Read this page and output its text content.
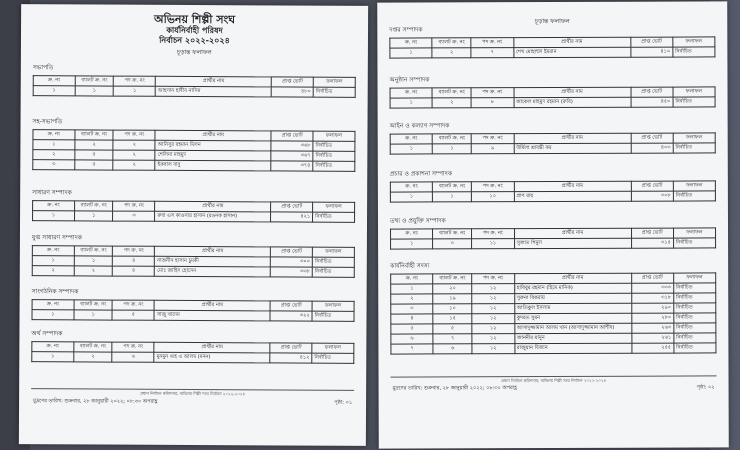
অভিনয় শিল্পী সংঘ
কার্যনির্বাহী পরিষদ
নির্বাচন ২০২২-২০২৪
চূড়ান্ত ফলাফল
সভাপতি
ক্র. নং	ব্যালট ক্র. নং	পদ ক্র. নং	প্রার্থীর নাম	প্রাপ্ত ভোট	ফলাফল
১	১	১	আহসান হাবীব নাসিম	৪৮০	নির্বাচিত
সহ-সভাপতি
ক্র. নং	ব্যালট ক্র. নং	পদ ক্র. নং	প্রার্থীর নাম	প্রাপ্ত ভোট	ফলাফল
১	২	২	আনিসুর রহমান মিলন	৩৬৮	নির্বাচিত
২	৫	২	শেলিনা মাহমুদ	৩৬৭	নির্বাচিত
৩	৫	২	ইকবাল বাবু	৩৭৪	নির্বাচিত
সাধারণ সম্পাদক
ক্র. নং	ব্যালট ক্র. নং	পদ ক্র. নং	প্রার্থীর নাম	প্রাপ্ত ভোট	ফলাফল
১	১	৩	রুবা এস কাওসার হাসান (রওনক হাসান)	৪২১	নির্বাচিত
যুগ্ম সাধারণ সম্পাদক
ক্র. নং	ব্যালট ক্র. নং	পদ ক্র. নং	প্রার্থীর নাম	প্রাপ্ত ভোট	ফলাফল
১	১	৪	নাজনীন হাসান চুমকী	৩০০	নির্বাচিত
২	২	৪	মোঃ জাহিদ হোসেন	৩৩৮	নির্বাচিত
সাংগঠনিক সম্পাদক
ক্র. নং	ব্যালট ক্র. নং	পদ ক্র. নং	প্রার্থীর নাম	প্রাপ্ত ভোট	ফলাফল
১	১	৫	সাজু খাদেম	৩২২	নির্বাচিত
অর্থ সম্পাদক
ক্র. নং	ব্যালট ক্র. নং	পদ ক্র. নং	প্রার্থীর নাম	প্রাপ্ত ভোট	ফলাফল
১	২	৬	মুনমুন গুহ এ আলম (মনন)	৪১২	নির্বাচিত
প্রধান নির্বাচন কমিশনার, অভিনয় শিল্পী সংঘ নির্বাচন ২০২২-২০২৪
মুদ্রণের তারিখ: শুক্রবার, ২৮ জানুয়ারী ২০২২; ০৮:৩০ অপরাহ্ণ	পৃষ্ঠা: ০১
চূড়ান্ত ফলাফল
দপ্তর সম্পাদক
ক্র. নং	ব্যালট ক্র. নং	পদ ক্র. নং	প্রার্থীর নাম	প্রাপ্ত ভোট	ফলাফল
১	২	৭	শেখ মোহাম্মদ ইমরান	৪১০	নির্বাচিত
অনুষ্ঠান সম্পাদক
ক্র. নং	ব্যালট ক্র. নং	পদ ক্র. নং	প্রার্থীর নাম	প্রাপ্ত ভোট	ফলাফল
১	২	৮	জাকেল মাহমুদ রহমান (রুবি)	৪৫০	নির্বাচিত
আইন ও কল্যাণ সম্পাদক
ক্র. নং	ব্যালট ক্র. নং	পদ ক্র. নং	প্রার্থীর নাম	প্রাপ্ত ভোট	ফলাফল
১	১	৯	উর্মিলা শ্রাবন্তী কর	৪০৩	নির্বাচিত
প্রচার ও প্রকাশনা সম্পাদক
ক্র. নং	ব্যালট ক্র. নং	পদ ক্র. নং	প্রার্থীর নাম	প্রাপ্ত ভোট	ফলাফল
১	১	১০	প্রাণ রায়	৩০৮	নির্বাচিত
তথ্য ও প্রযুক্তি সম্পাদক
ক্র. নং	ব্যালট ক্র. নং	পদ ক্র. নং	প্রার্থীর নাম	প্রাপ্ত ভোট	ফলাফল
১	৩	১১	সুজাত শিমুল	৩১৫	নির্বাচিত
কার্যনির্বাহী সদস্য
ক্র. নং	ব্যালট ক্র. নং	পদ ক্র. নং	প্রার্থীর নাম	প্রাপ্ত ভোট	ফলাফল
১	২০	১২	হাবিবুর রহমান (হিমে মানিক)	৩৩৩	নির্বাচিত
২	১৯	১২	সুরুনা বিকরায়	৩১৮	নির্বাচিত
৩	১০	১২	আতিকুল ইসলাম	২৯০	নির্বাচিত
৪	১৫	১২	কুদরত সুমন	২৮০	নির্বাচিত
৫	৫	১২	আসাদুজ্জামান আলম খান (আসাদুজ্জামান আশীষ)	২৬৩	নির্বাচিত
৬	৭	১২	জাননীর মানুন	২৬১	নির্বাচিত
৭	৬	১২	রাজুয়ান বিজান	২৫৫	নির্বাচিত
প্রধান নির্বাচন কমিশনার, অভিনয় শিল্পী সংঘ নির্বাচন ২০২২-২০২৪
মুদ্রণের তারিখ: শুক্রবার, ২৮ জানুয়ারী ২০২২; ০৮:৩০ অপরাহ্ণ	পৃষ্ঠা: ০২
